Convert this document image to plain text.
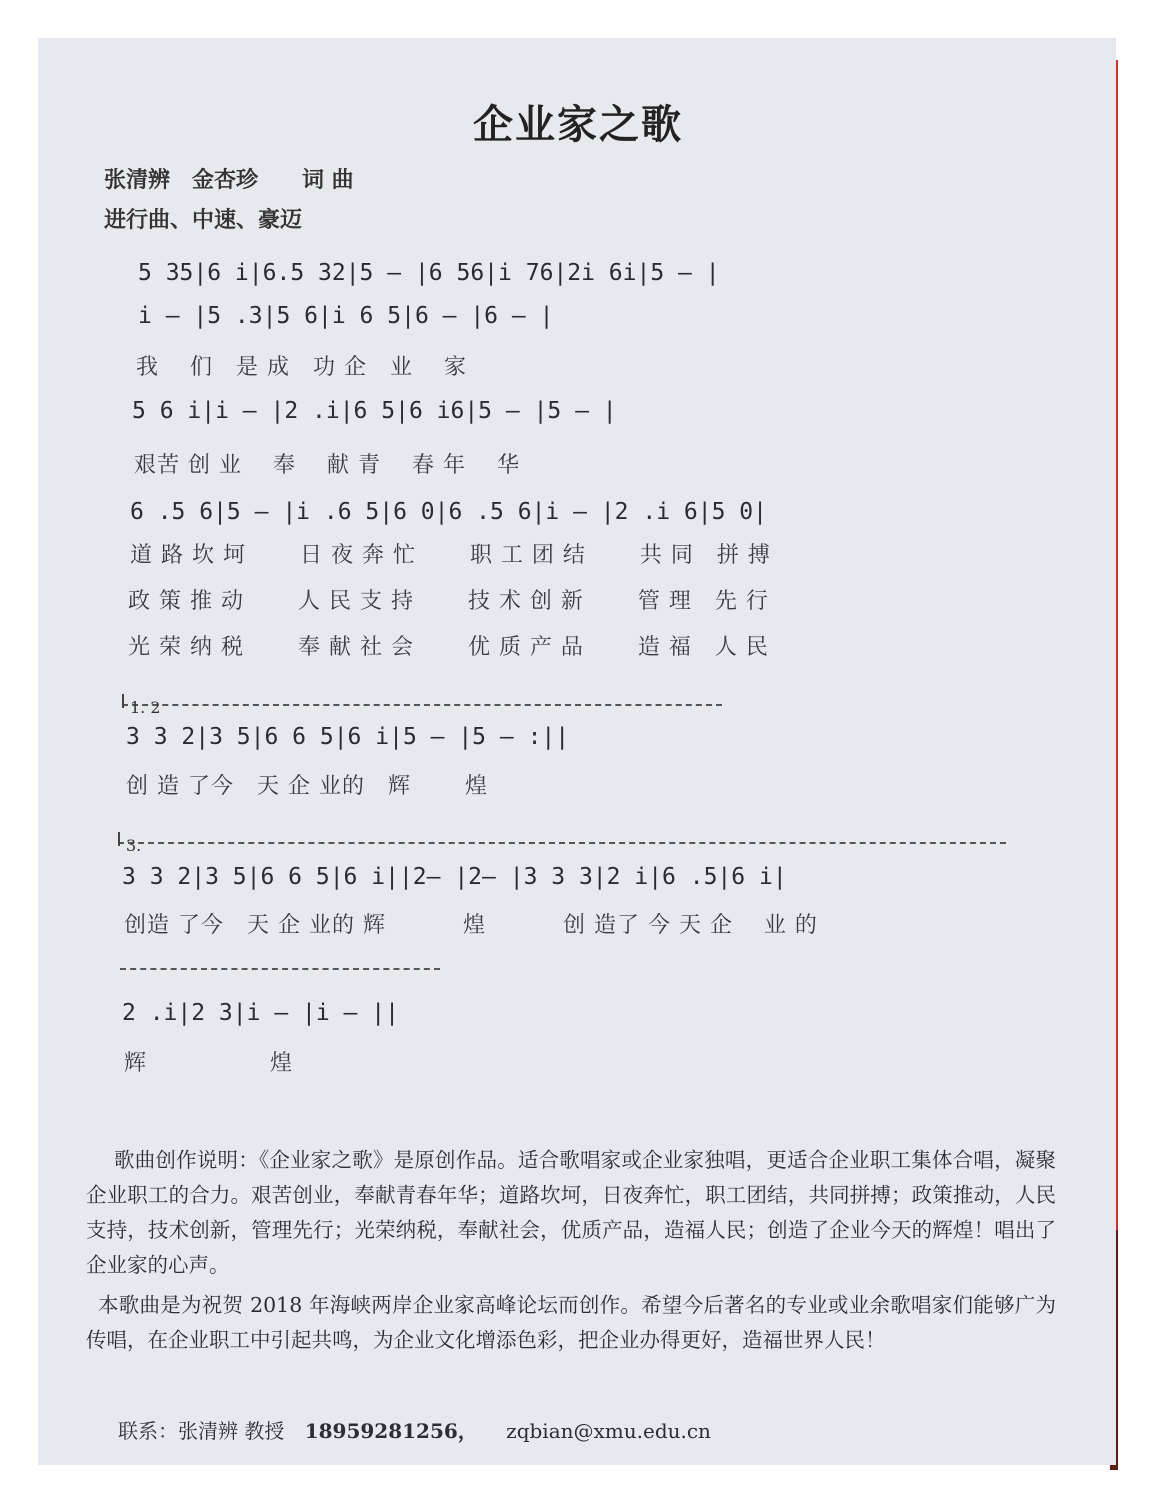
企业家之歌
张清辨　金杏珍　　词 曲
进行曲、中速、豪迈
5 35|6 i|6.5 32|5 — |6 56|i 76|2i 6i|5 — |
i — |5 .3|5 6|i 6 5|6 — |6 — |
5 6 i|i — |2 .i|6 5|6 i6|5 — |5 — |
6 .5 6|5 — |i .6 5|6 0|6 .5 6|i — |2 .i 6|5 0|
3 3 2|3 5|6 6 5|6 i|5 — |5 — :||
3 3 2|3 5|6 6 5|6 i||2— |2— |3 3 3|2 i|6 .5|6 i|
2 .i|2 3|i — |i — ||
我　 们　是 成　功 企　业　 家
艰苦 创 业　 奉　 献 青　 春 年　 华
道 路 坎 坷　　 日 夜 奔 忙　　 职 工 团 结　　 共 同　拼 搏
政 策 推 动　　 人 民 支 持　　 技 术 创 新　　 管 理　先 行
光 荣 纳 税　　 奉 献 社 会　　 优 质 产 品　　 造 福　人 民
创 造 了今　天 企 业的　辉　　 煌
创造 了今　天 企 业的 辉　　　 煌　　　 创 造了 今 天 企　 业 的
辉　　　　　 煌
1. 2
3.
歌曲创作说明：《企业家之歌》是原创作品。适合歌唱家或企业家独唱，更适合企业职工集体合唱，凝聚企业职工的合力。艰苦创业，奉献青春年华；道路坎坷，日夜奔忙，职工团结，共同拼搏；政策推动，人民支持，技术创新，管理先行；光荣纳税，奉献社会，优质产品，造福人民；创造了企业今天的辉煌！唱出了企业家的心声。
本歌曲是为祝贺 2018 年海峡两岸企业家高峰论坛而创作。希望今后著名的专业或业余歌唱家们能够广为传唱，在企业职工中引起共鸣，为企业文化增添色彩，把企业办得更好，造福世界人民！
联系：张清辨 教授 18959281256， zqbian@xmu.edu.cn
